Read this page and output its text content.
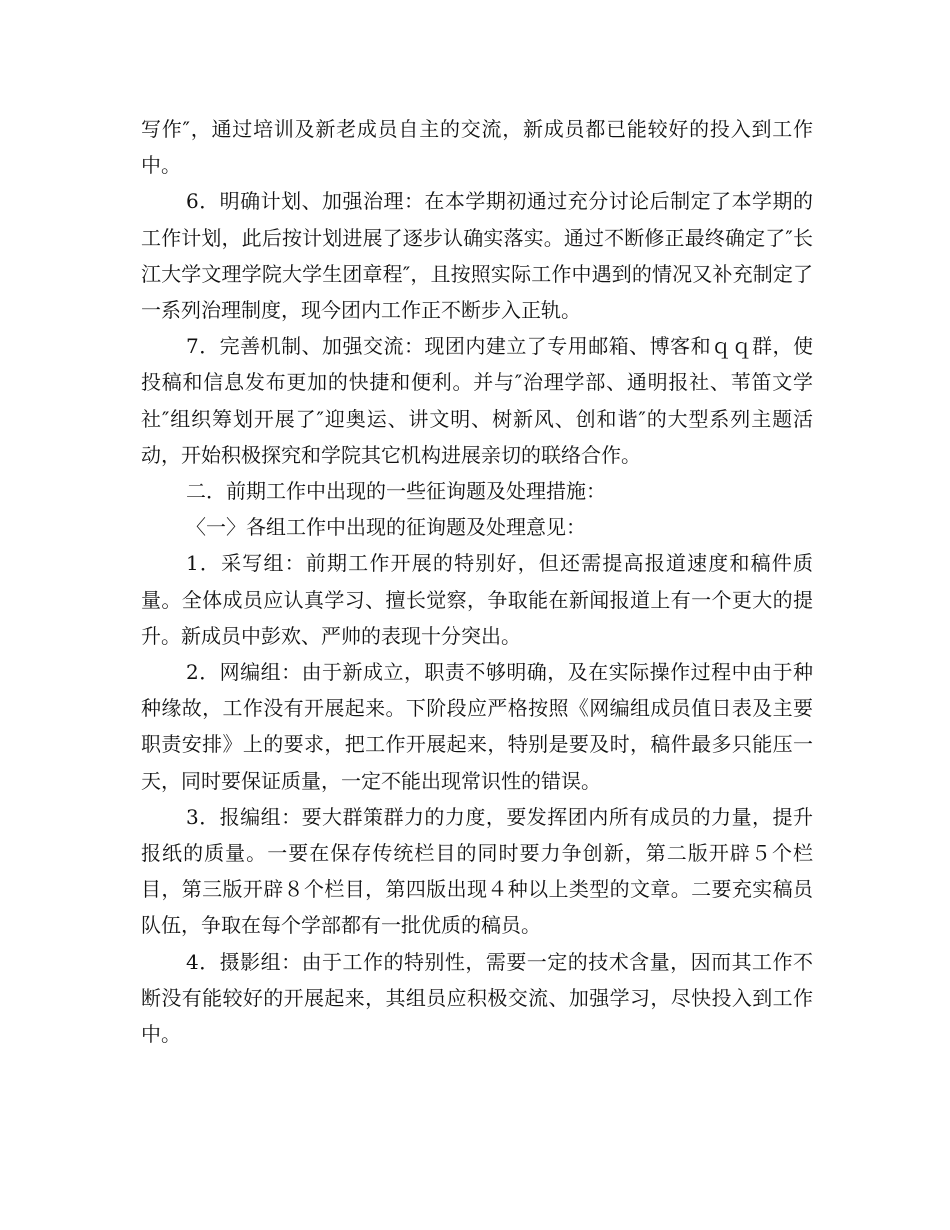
写作″，通过培训及新老成员自主的交流，新成员都已能较好的投入到工作中。

6．明确计划、加强治理：在本学期初通过充分讨论后制定了本学期的工作计划，此后按计划进展了逐步认确实落实。通过不断修正最终确定了″长江大学文理学院大学生团章程″，且按照实际工作中遇到的情况又补充制定了一系列治理制度，现今团内工作正不断步入正轨。

7．完善机制、加强交流：现团内建立了专用邮箱、博客和ｑｑ群，使投稿和信息发布更加的快捷和便利。并与″治理学部、通明报社、苇笛文学社″组织筹划开展了″迎奥运、讲文明、树新风、创和谐″的大型系列主题活动，开始积极探究和学院其它机构进展亲切的联络合作。

二．前期工作中出现的一些征询题及处理措施：

〈一〉各组工作中出现的征询题及处理意见：

1．采写组：前期工作开展的特别好，但还需提高报道速度和稿件质量。全体成员应认真学习、擅长觉察，争取能在新闻报道上有一个更大的提升。新成员中彭欢、严帅的表现十分突出。

2．网编组：由于新成立，职责不够明确，及在实际操作过程中由于种种缘故，工作没有开展起来。下阶段应严格按照《网编组成员值日表及主要职责安排》上的要求，把工作开展起来，特别是要及时，稿件最多只能压一天，同时要保证质量，一定不能出现常识性的错误。

3．报编组：要大群策群力的力度，要发挥团内所有成员的力量，提升报纸的质量。一要在保存传统栏目的同时要力争创新，第二版开辟５个栏目，第三版开辟８个栏目，第四版出现４种以上类型的文章。二要充实稿员队伍，争取在每个学部都有一批优质的稿员。

4．摄影组：由于工作的特别性，需要一定的技术含量，因而其工作不断没有能较好的开展起来，其组员应积极交流、加强学习，尽快投入到工作中。
